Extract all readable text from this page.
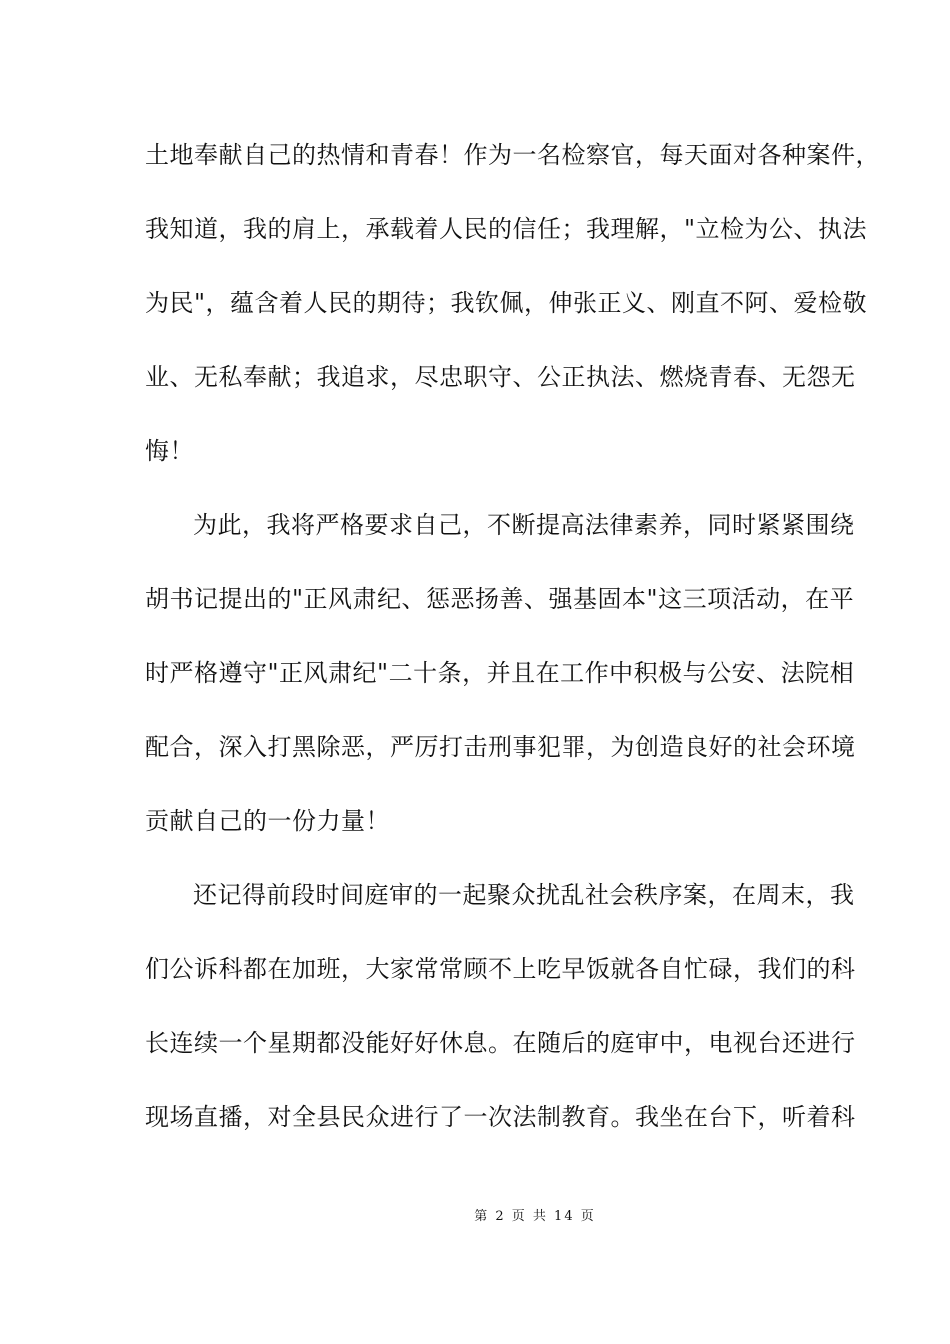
土地奉献自己的热情和青春！作为一名检察官，每天面对各种案件，
我知道，我的肩上，承载着人民的信任；我理解，"立检为公、执法
为民"，蕴含着人民的期待；我钦佩，伸张正义、刚直不阿、爱检敬
业、无私奉献；我追求，尽忠职守、公正执法、燃烧青春、无怨无
悔！
为此，我将严格要求自己，不断提高法律素养，同时紧紧围绕
胡书记提出的"正风肃纪、惩恶扬善、强基固本"这三项活动，在平
时严格遵守"正风肃纪"二十条，并且在工作中积极与公安、法院相
配合，深入打黑除恶，严厉打击刑事犯罪，为创造良好的社会环境
贡献自己的一份力量！
还记得前段时间庭审的一起聚众扰乱社会秩序案，在周末，我
们公诉科都在加班，大家常常顾不上吃早饭就各自忙碌，我们的科
长连续一个星期都没能好好休息。在随后的庭审中，电视台还进行
现场直播，对全县民众进行了一次法制教育。我坐在台下，听着科
第 2 页 共 14 页
